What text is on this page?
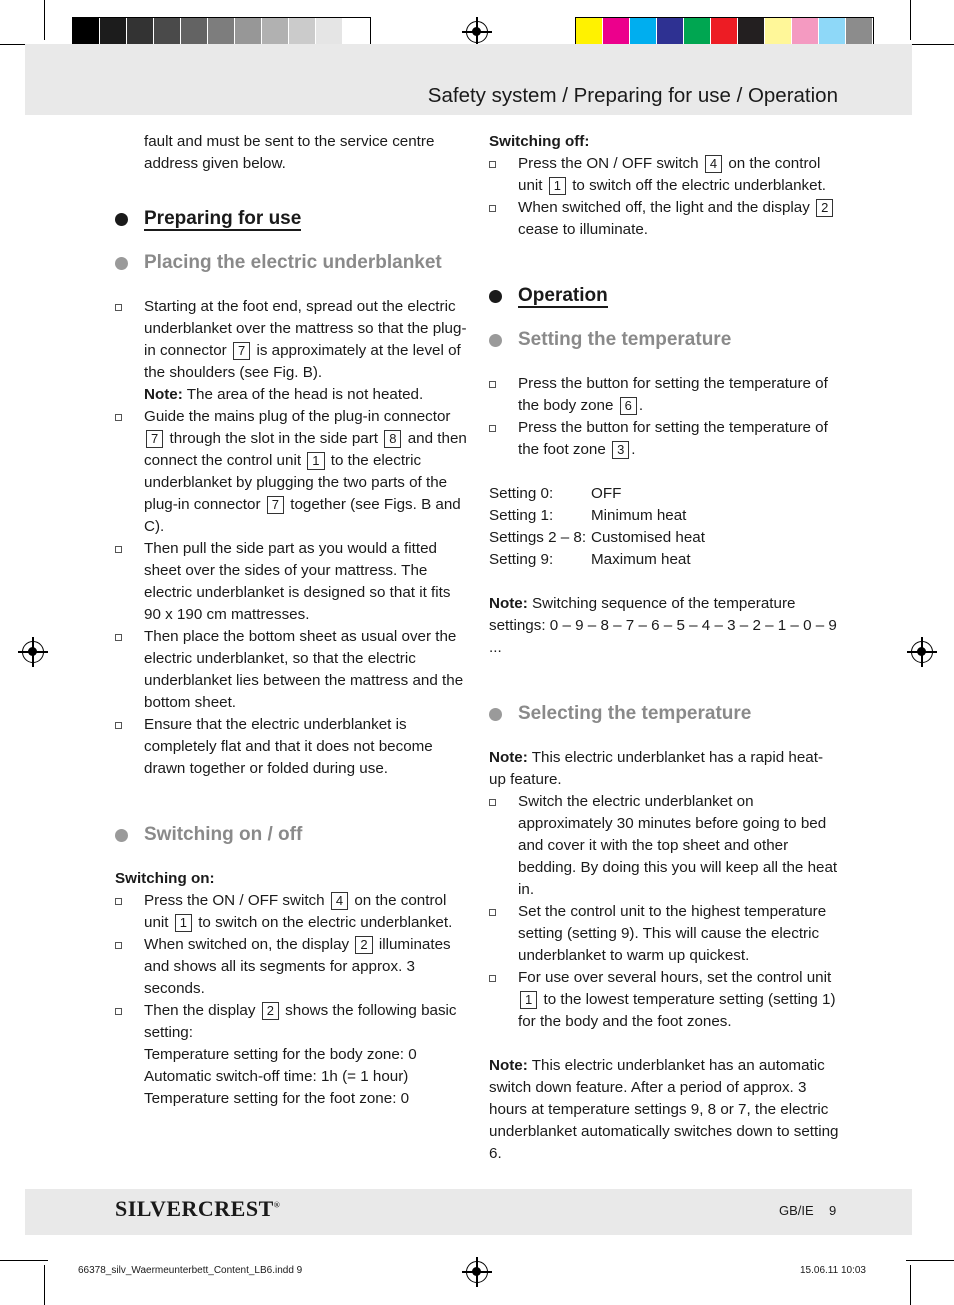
Safety system / Preparing for use / Operation

fault and must be sent to the service centre address given below.

Preparing for use
Placing the electric underblanket
Starting at the foot end, spread out the electric underblanket over the mattress so that the plug-in connector 7 is approximately at the level of the shoulders (see Fig. B).
Note: The area of the head is not heated.
Guide the mains plug of the plug-in connector 7 through the slot in the side part 8 and then connect the control unit 1 to the electric underblanket by plugging the two parts of the plug-in connector 7 together (see Figs. B and C).
Then pull the side part as you would a fitted sheet over the sides of your mattress. The electric underblanket is designed so that it fits 90 x 190 cm mattresses.
Then place the bottom sheet as usual over the electric underblanket, so that the electric underblanket lies between the mattress and the bottom sheet.
Ensure that the electric underblanket is completely flat and that it does not become drawn together or folded during use.
Switching on / off

Switching on:

Press the ON / OFF switch 4 on the control unit 1 to switch on the electric underblanket.
When switched on, the display 2 illuminates and shows all its segments for approx. 3 seconds.
Then the display 2 shows the following basic setting:
Temperature setting for the body zone: 0
Automatic switch-off time: 1h (= 1 hour)
Temperature setting for the foot zone: 0

Switching off:

Press the ON / OFF switch 4 on the control unit 1 to switch off the electric underblanket.
When switched off, the light and the display 2 cease to illuminate.
Operation
Setting the temperature
Press the button for setting the temperature of the body zone 6 .
Press the button for setting the temperature of the foot zone 3 .
Setting 0:	OFF
Setting 1:	Minimum heat
Settings 2 – 8:	Customised heat
Setting 9:	Maximum heat

Note: Switching sequence of the temperature settings: 0 – 9 – 8 – 7 – 6 – 5 – 4 – 3 – 2 – 1 – 0 – 9 ...

Selecting the temperature

Note: This electric underblanket has a rapid heat-up feature.

Switch the electric underblanket on approximately 30 minutes before going to bed and cover it with the top sheet and other bedding. By doing this you will keep all the heat in.
Set the control unit to the highest temperature setting (setting 9). This will cause the electric underblanket to warm up quickest.
For use over several hours, set the control unit 1 to the lowest temperature setting (setting 1) for the body and the foot zones.

Note: This electric underblanket has an automatic switch down feature. After a period of approx. 3 hours at temperature settings 9, 8 or 7, the electric underblanket automatically switches down to setting 6.

SILVERCREST®	GB/IE 9
66378_silv_Waermeunterbett_Content_LB6.indd 9	15.06.11 10:03
